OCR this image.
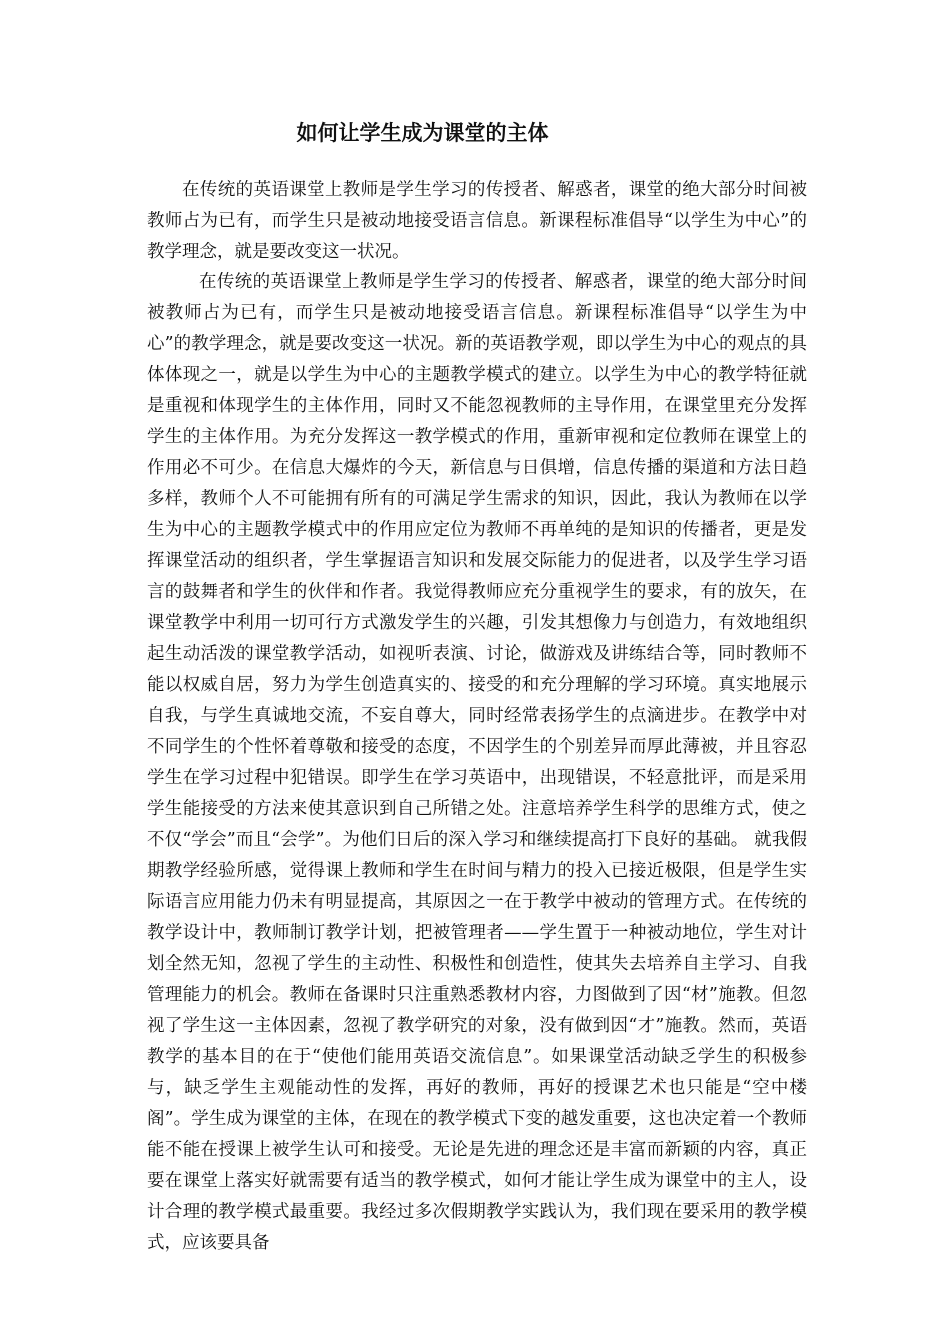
如何让学生成为课堂的主体

在传统的英语课堂上教师是学生学习的传授者、解惑者，课堂的绝大部分时间被教师占为已有，而学生只是被动地接受语言信息。新课程标准倡导“以学生为中心”的教学理念，就是要改变这一状况。

在传统的英语课堂上教师是学生学习的传授者、解惑者，课堂的绝大部分时间被教师占为已有，而学生只是被动地接受语言信息。新课程标准倡导“以学生为中心”的教学理念，就是要改变这一状况。新的英语教学观，即以学生为中心的观点的具体体现之一，就是以学生为中心的主题教学模式的建立。以学生为中心的教学特征就是重视和体现学生的主体作用，同时又不能忽视教师的主导作用，在课堂里充分发挥学生的主体作用。为充分发挥这一教学模式的作用，重新审视和定位教师在课堂上的作用必不可少。在信息大爆炸的今天，新信息与日俱增，信息传播的渠道和方法日趋多样，教师个人不可能拥有所有的可满足学生需求的知识，因此，我认为教师在以学生为中心的主题教学模式中的作用应定位为教师不再单纯的是知识的传播者，更是发挥课堂活动的组织者，学生掌握语言知识和发展交际能力的促进者，以及学生学习语言的鼓舞者和学生的伙伴和作者。我觉得教师应充分重视学生的要求，有的放矢，在课堂教学中利用一切可行方式激发学生的兴趣，引发其想像力与创造力，有效地组织起生动活泼的课堂教学活动，如视听表演、讨论，做游戏及讲练结合等，同时教师不能以权威自居，努力为学生创造真实的、接受的和充分理解的学习环境。真实地展示自我，与学生真诚地交流，不妄自尊大，同时经常表扬学生的点滴进步。在教学中对不同学生的个性怀着尊敬和接受的态度，不因学生的个别差异而厚此薄被，并且容忍学生在学习过程中犯错误。即学生在学习英语中，出现错误，不轻意批评，而是采用学生能接受的方法来使其意识到自己所错之处。注意培养学生科学的思维方式，使之不仅“学会”而且“会学”。为他们日后的深入学习和继续提高打下良好的基础。 就我假期教学经验所感，觉得课上教师和学生在时间与精力的投入已接近极限，但是学生实际语言应用能力仍未有明显提高，其原因之一在于教学中被动的管理方式。在传统的教学设计中，教师制订教学计划，把被管理者——学生置于一种被动地位，学生对计划全然无知，忽视了学生的主动性、积极性和创造性，使其失去培养自主学习、自我管理能力的机会。教师在备课时只注重熟悉教材内容，力图做到了因“材”施教。但忽视了学生这一主体因素，忽视了教学研究的对象，没有做到因“才”施教。然而，英语教学的基本目的在于“使他们能用英语交流信息”。如果课堂活动缺乏学生的积极参与，缺乏学生主观能动性的发挥，再好的教师，再好的授课艺术也只能是“空中楼阁”。学生成为课堂的主体，在现在的教学模式下变的越发重要，这也决定着一个教师能不能在授课上被学生认可和接受。无论是先进的理念还是丰富而新颖的内容，真正要在课堂上落实好就需要有适当的教学模式，如何才能让学生成为课堂中的主人，设计合理的教学模式最重要。我经过多次假期教学实践认为，我们现在要采用的教学模式，应该要具备
